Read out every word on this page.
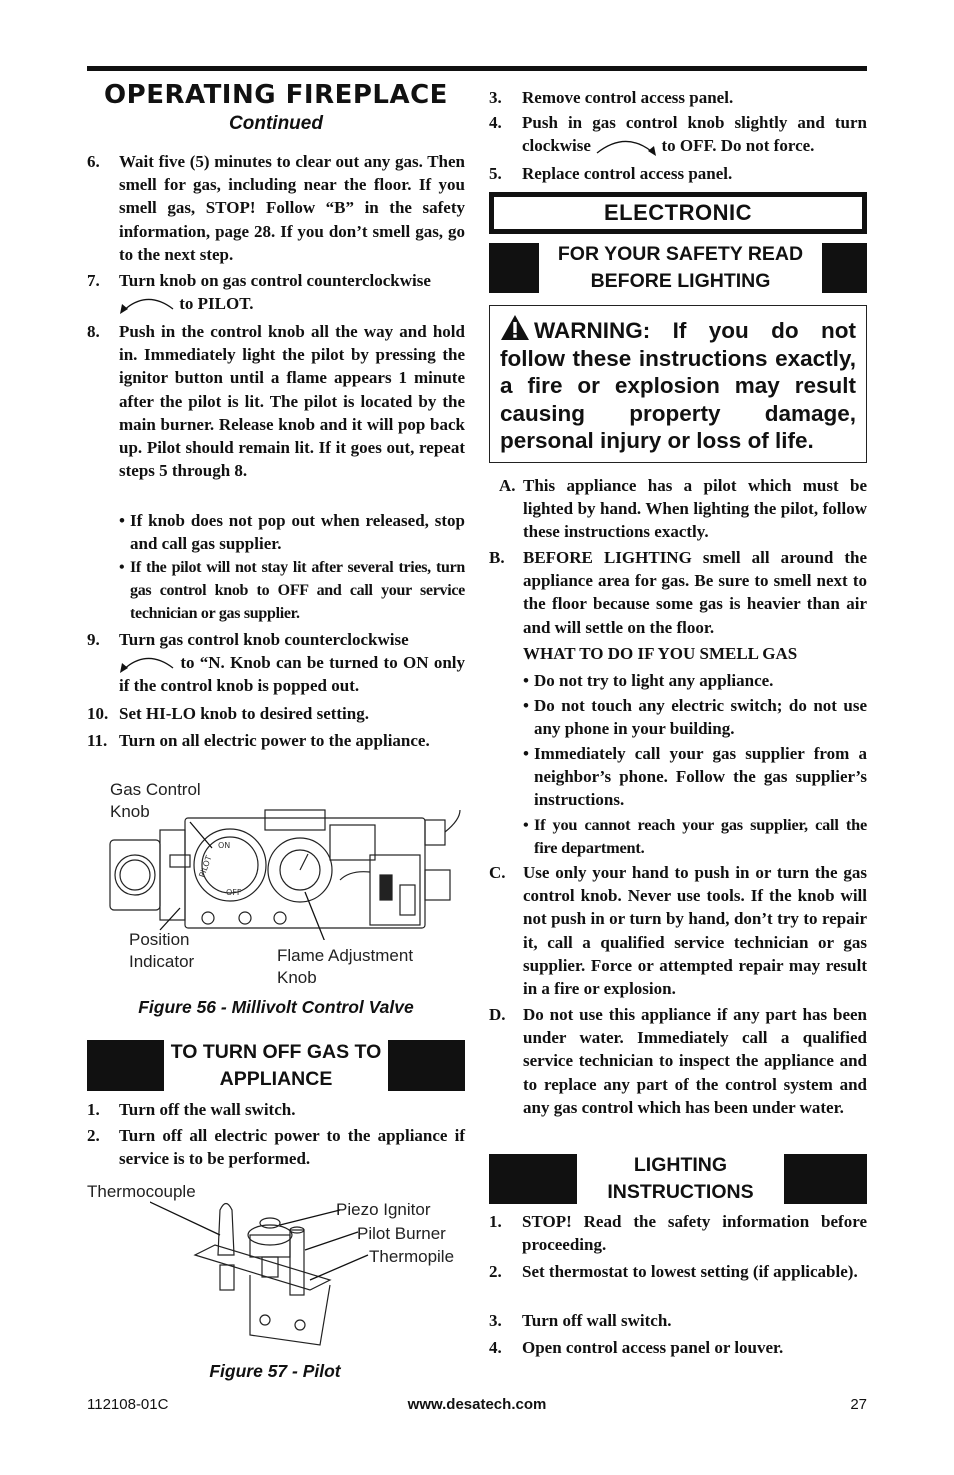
OPERATING FIREPLACE
Continued
6.	Wait five (5) minutes to clear out any gas. Then smell for gas, including near the floor. If you smell gas, STOP! Follow “B” in the safety information, page 28. If you don’t smell gas, go to the next step.
7.	Turn knob on gas control counterclockwise
to PILOT.
8.	Push in the control knob all the way and hold in. Immediately light the pilot by pressing the ignitor button until a flame appears 1 minute after the pilot is lit. The pilot is located by the main burner. Release knob and it will pop back up. Pilot should remain lit. If it goes out, repeat steps 5 through 8.
• If knob does not pop out when released, stop and call gas supplier.
• If the pilot will not stay lit after several tries, turn gas control knob to OFF and call your service technician or gas supplier.
9.	Turn gas control knob counterclockwise
to “N. Knob can be turned to ON only if the control knob is popped out.
10. Set HI-LO knob to desired setting.
11. Turn on all electric power to the appliance.
Gas Control Knob
Position Indicator	Flame Adjustment Knob
ON
PILOT
OFF
Figure 56 - Millivolt Control Valve
TO TURN OFF GAS TO APPLIANCE
1.	Turn off the wall switch.
2.	Turn off all electric power to the appliance if service is to be performed.
Thermocouple
Piezo Ignitor
Pilot Burner
Thermopile
Figure 57 - Pilot
3.	Remove control access panel.
4.	Push in gas control knob slightly and turn clockwise	to OFF. Do not force.
5.	Replace control access panel.
ELECTRONIC
FOR YOUR SAFETY READ BEFORE LIGHTING
WARNING: If you do not follow these instructions exactly, a fire or explosion may result causing property damage, personal injury or loss of life.
A. This appliance has a pilot which must be lighted by hand. When lighting the pilot, follow these instructions exactly.
B.	BEFORE LIGHTING smell all around the appliance area for gas. Be sure to smell next to the floor because some gas is heavier than air and will settle on the floor.
WHAT TO DO IF YOU SMELL GAS
• Do not try to light any appliance.
• Do not touch any electric switch; do not use any phone in your building.
• Immediately call your gas supplier from a neighbor’s phone. Follow the gas supplier’s instructions.
• If you cannot reach your gas supplier, call the fire department.
C.	Use only your hand to push in or turn the gas control knob. Never use tools. If the knob will not push in or turn by hand, don’t try to repair it, call a qualified service technician or gas supplier. Force or attempted repair may result in a fire or explosion.
D.	Do not use this appliance if any part has been under water. Immediately call a qualified service technician to inspect the appliance and to replace any part of the control system and any gas control which has been under water.
LIGHTING INSTRUCTIONS
1.	STOP! Read the safety information before proceeding.
2.	Set thermostat to lowest setting (if applicable).
3.	Turn off wall switch.
4.	Open control access panel or louver.
112108-01C	www.desatech.com	27
